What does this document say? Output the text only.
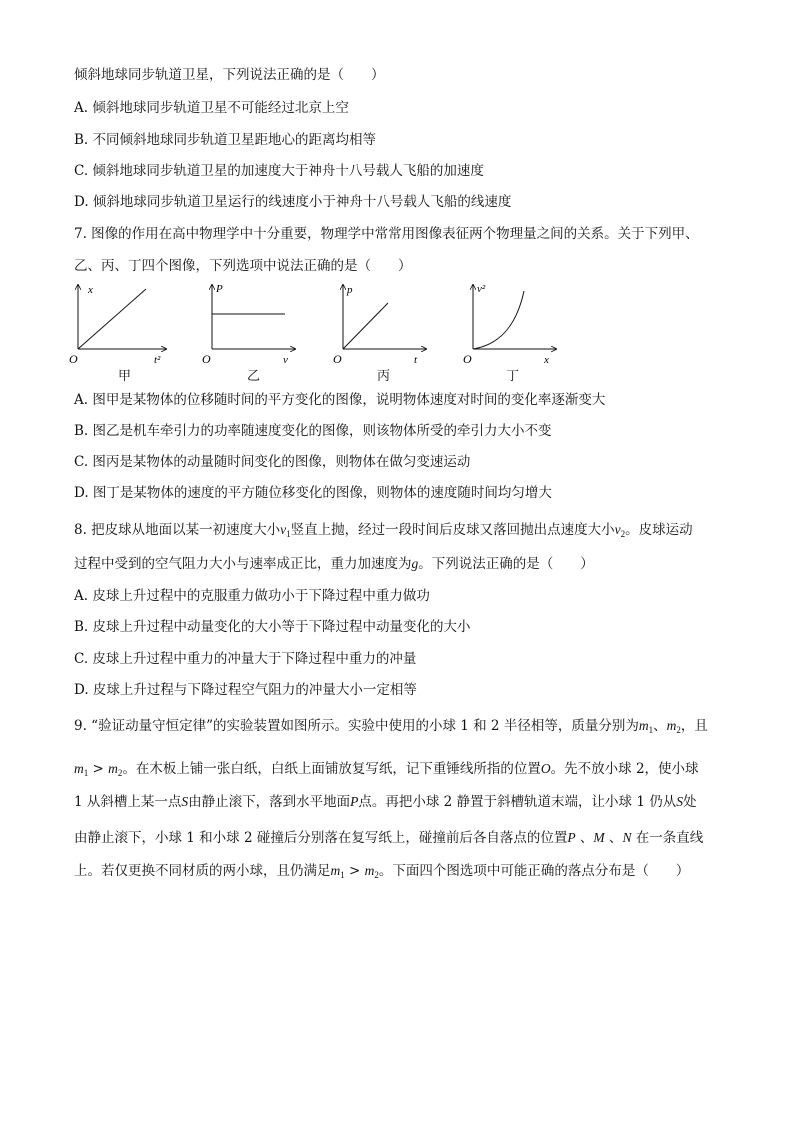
倾斜地球同步轨道卫星，下列说法正确的是（　　）
A. 倾斜地球同步轨道卫星不可能经过北京上空
B. 不同倾斜地球同步轨道卫星距地心的距离均相等
C. 倾斜地球同步轨道卫星的加速度大于神舟十八号载人飞船的加速度
D. 倾斜地球同步轨道卫星运行的线速度小于神舟十八号载人飞船的线速度
7. 图像的作用在高中物理学中十分重要，物理学中常常用图像表征两个物理量之间的关系。关于下列甲、
乙、丙、丁四个图像，下列选项中说法正确的是（　　）
x
t²
O
P
v
O
p
t
O
v²
x
O
甲	乙	丙	丁
A. 图甲是某物体的位移随时间的平方变化的图像，说明物体速度对时间的变化率逐渐变大
B. 图乙是机车牵引力的功率随速度变化的图像，则该物体所受的牵引力大小不变
C. 图丙是某物体的动量随时间变化的图像，则物体在做匀变速运动
D. 图丁是某物体的速度的平方随位移变化的图像，则物体的速度随时间均匀增大
8. 把皮球从地面以某一初速度大小$v_1$竖直上抛，经过一段时间后皮球又落回抛出点速度大小$v_2$。皮球运动
过程中受到的空气阻力大小与速率成正比，重力加速度为g。下列说法正确的是（　　）
A. 皮球上升过程中的克服重力做功小于下降过程中重力做功
B. 皮球上升过程中动量变化的大小等于下降过程中动量变化的大小
C. 皮球上升过程中重力的冲量大于下降过程中重力的冲量
D. 皮球上升过程与下降过程空气阻力的冲量大小一定相等
9. “验证动量守恒定律”的实验装置如图所示。实验中使用的小球 1 和 2 半径相等，质量分别为$m_1$、$m_2$，且
$m_1 > m_2$。在木板上铺一张白纸，白纸上面铺放复写纸，记下重锤线所指的位置O。先不放小球 2，使小球
1 从斜槽上某一点S由静止滚下，落到水平地面P点。再把小球 2 静置于斜槽轨道末端，让小球 1 仍从S处
由静止滚下，小球 1 和小球 2 碰撞后分别落在复写纸上，碰撞前后各自落点的位置P 、M 、N 在一条直线
上。若仅更换不同材质的两小球，且仍满足$m_1 > m_2$。下面四个图选项中可能正确的落点分布是（　　）
